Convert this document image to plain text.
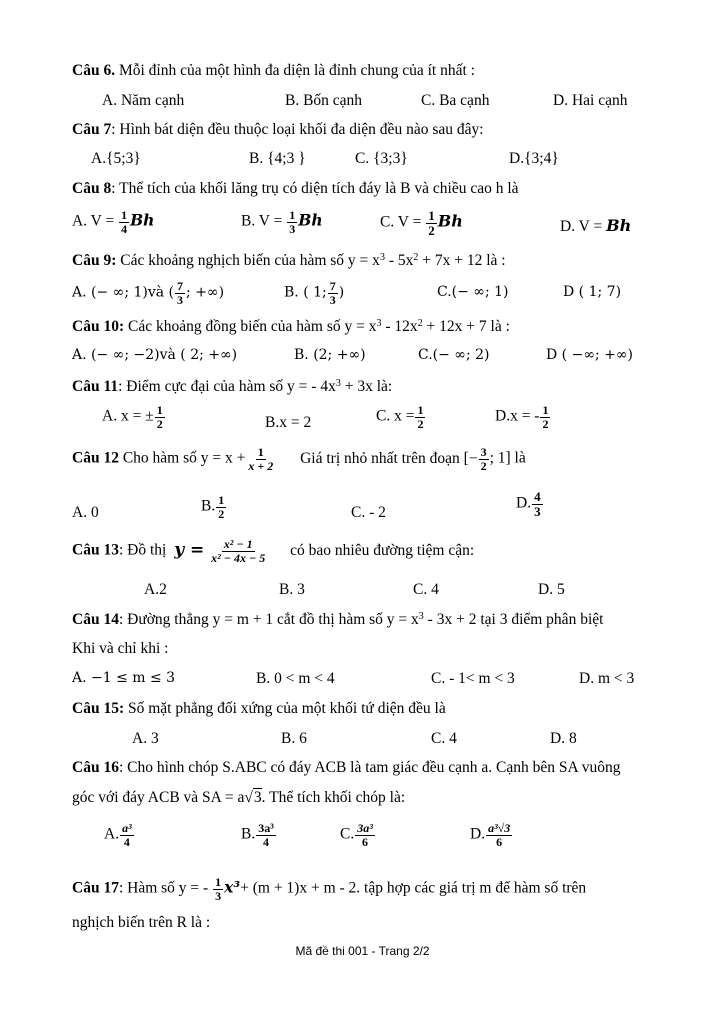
Câu 6. Mỗi đỉnh của một hình đa diện là đỉnh chung của ít nhất :
A. Năm cạnh	B. Bốn cạnh	C. Ba cạnh	D. Hai cạnh
Câu 7: Hình bát diện đều thuộc loại khối đa diện đều nào sau đây:
A.{5;3}	B. {4;3 }	C. {3;3}	D.{3;4}
Câu 8: Thể tích của khối lăng trụ có diện tích đáy là B và chiều cao h là
A. $V = \frac{1}{4}$ Bh	B. $V = \frac{1}{3}$ Bh	C. $V = \frac{1}{2}$ Bh	D. V = Bh
Câu 9: Các khoảng nghịch biến của hàm số $y = x^3 - 5x^2 + 7x + 12$ là :
A. (− ∞; 1)và ( $\frac{7}{3}$ ; +∞)	B. ( 1; $\frac{7}{3}$ )	C.(− ∞; 1)	D ( 1; 7)
Câu 10: Các khoảng đồng biến của hàm số $y = x^3 - 12x^2 + 12x + 7$ là :
A. (− ∞; −2)và ( 2; +∞)	B. (2; +∞)	C.(− ∞; 2)	D ( −∞; +∞)
Câu 11: Điểm cực đại của hàm số y = - $4x^3 + 3x$ là:
A. x = ± $\frac{1}{2}$	B.x = 2	C. $x = \frac{1}{2}$	D.x = - $\frac{1}{2}$
Câu 12 Cho hàm số $y = x + \frac{1}{x + 2}$ Giá trị nhỏ nhất trên đoạn [− $\frac{3}{2}$ ; 1] là
A. 0	B. $\frac{1}{2}$	C. - 2
D. $\frac{4}{3}$
Câu 13: Đồ thị $y = \frac{\text{x² − 1}}{\text{x² − 4x − 5}}$ có bao nhiêu đường tiệm cận:
A.2	B. 3	C. 4	D. 5
Câu 14: Đường thẳng y = m + 1 cắt đồ thị hàm số $y = x^3 - 3x + 2$ tại 3 điểm phân biệt
Khi và chỉ khi :
A. −1 ≤ m ≤ 3	B. 0 < m < 4	C. - 1< m < 3	D. m < 3
Câu 15: Số mặt phẳng đối xứng của một khối tứ diện đều là
A. 3	B. 6	C. 4	D. 8
Câu 16: Cho hình chóp S.ABC có đáy ACB là tam giác đều cạnh a. Cạnh bên SA vuông
góc với đáy ACB và SA = a√3. Thể tích khối chóp là:
A. $\frac{\text{a³}}{4}$	B. $\frac{\text{3a³}}{4}$	C. $\frac{\text{3a³}}{6}$	D. $\frac{\text{a³√3}}{6}$
Câu 17: Hàm số y = - $\frac{1}{3} x^3+ (m + 1)x + m - 2$. tập hợp các giá trị m để hàm số trên
nghịch biến trên R là :
Mã đề thi 001 - Trang 2/2
